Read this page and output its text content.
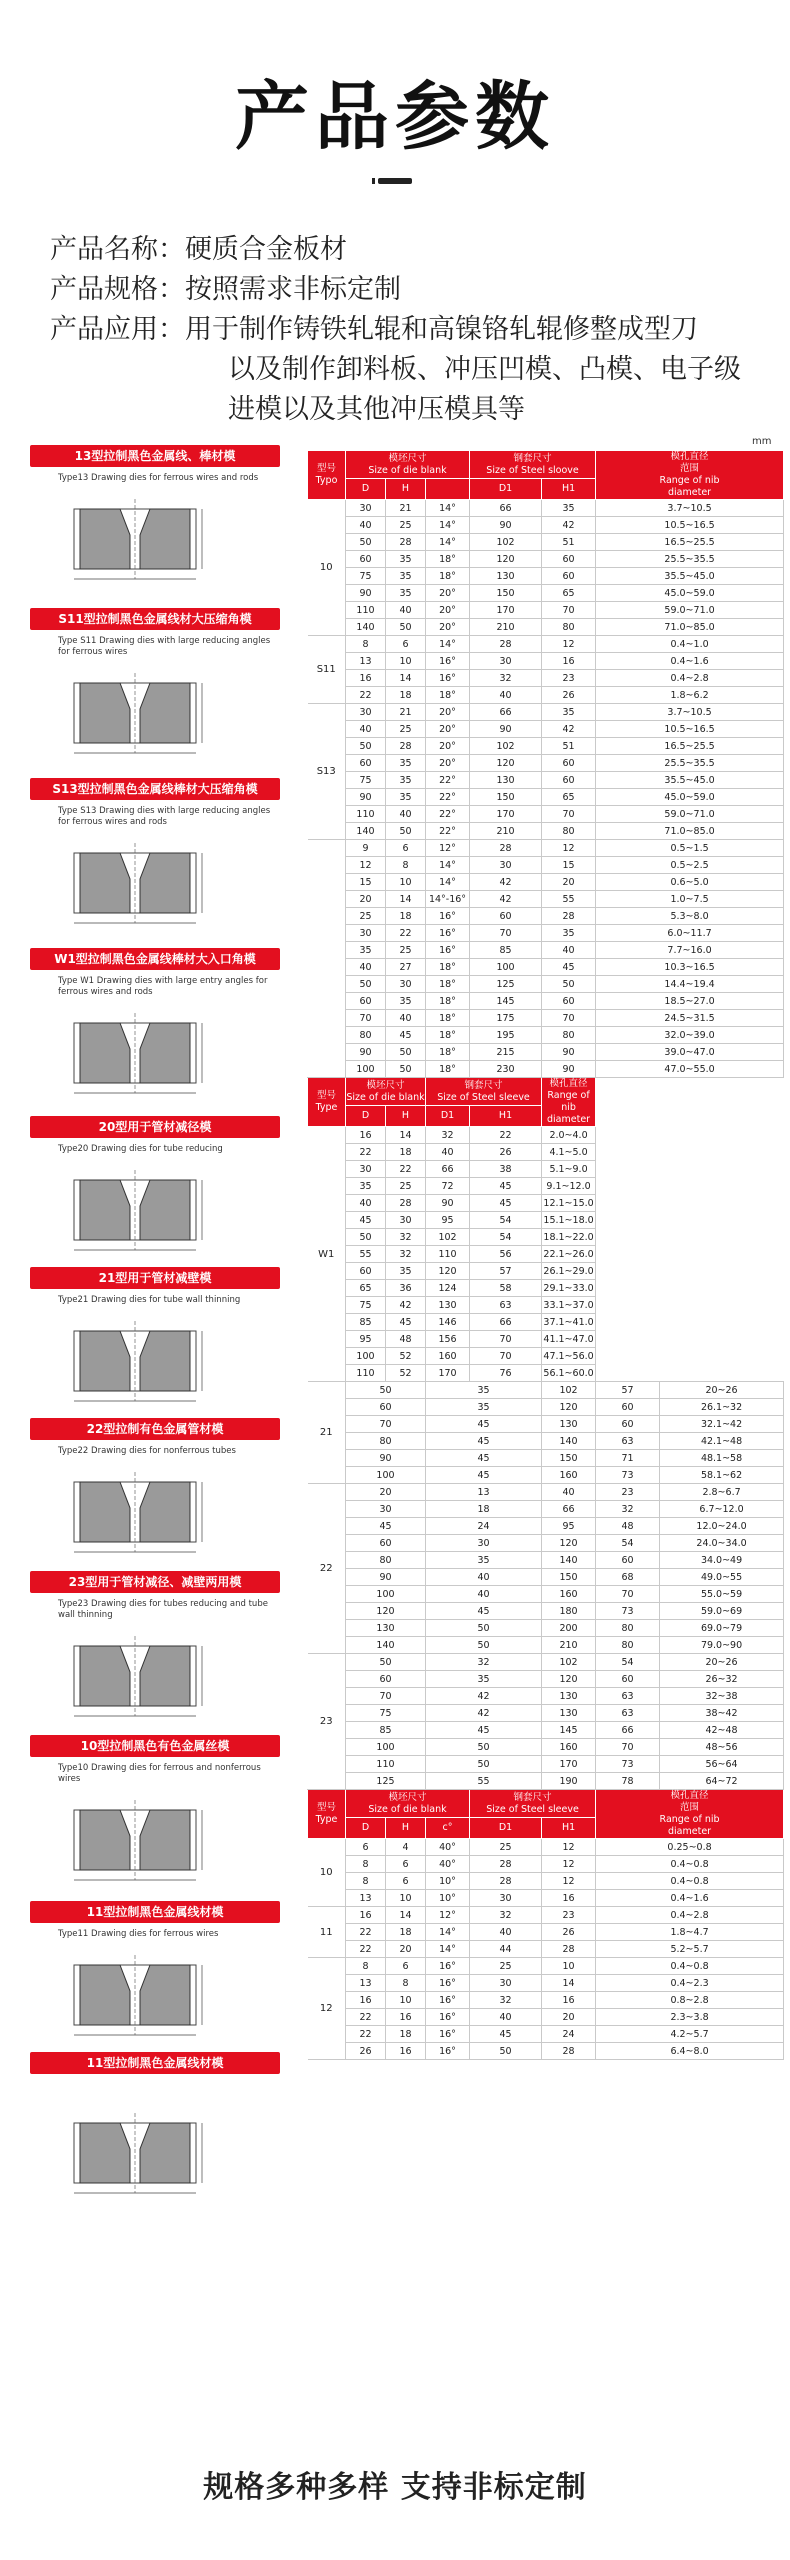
产品参数
产品名称： 硬质合金板材
产品规格： 按照需求非标定制
产品应用： 用于制作铸铁轧辊和高镍铬轧辊修整成型刀
以及制作卸料板、冲压凹模、凸模、电子级
进模以及其他冲压模具等
mm
13型拉制黑色金属线、棒材模
Type13 Drawing dies for ferrous wires and rods
S11型拉制黑色金属线材大压缩角模
Type S11 Drawing dies with large reducing angles for ferrous wires
S13型拉制黑色金属线棒材大压缩角模
Type S13 Drawing dies with large reducing angles for ferrous wires and rods
W1型拉制黑色金属线棒材大入口角模
Type W1 Drawing dies with large entry angles for ferrous wires and rods
20型用于管材减径模
Type20 Drawing dies for tube reducing
21型用于管材减壁模
Type21 Drawing dies for tube wall thinning
22型拉制有色金属管材模
Type22 Drawing dies for nonferrous tubes
23型用于管材减径、减壁两用模
Type23 Drawing dies for tubes reducing and tube wall thinning
10型拉制黑色有色金属丝模
Type10 Drawing dies for ferrous and nonferrous wires
11型拉制黑色金属线材模
Type11 Drawing dies for ferrous wires
11型拉制黑色金属线材模
型号
Typo	模坯尺寸
Size of die blank			钢套尺寸
Size of Steel sloove		模孔直径
范围
Range of nib
diameter		
	D	H		D1	H1			
10	30	21	14°	66	35	3.7~10.5		
	40	25	14°	90	42	10.5~16.5		
	50	28	14°	102	51	16.5~25.5		
	60	35	18°	120	60	25.5~35.5		
	75	35	18°	130	60	35.5~45.0		
	90	35	20°	150	65	45.0~59.0		
	110	40	20°	170	70	59.0~71.0		
	140	50	20°	210	80	71.0~85.0		
S11	8	6	14°	28	12	0.4~1.0		
	13	10	16°	30	16	0.4~1.6		
	16	14	16°	32	23	0.4~2.8		
	22	18	18°	40	26	1.8~6.2		
S13	30	21	20°	66	35	3.7~10.5		
	40	25	20°	90	42	10.5~16.5		
	50	28	20°	102	51	16.5~25.5		
	60	35	20°	120	60	25.5~35.5		
	75	35	22°	130	60	35.5~45.0		
	90	35	22°	150	65	45.0~59.0		
	110	40	22°	170	70	59.0~71.0		
	140	50	22°	210	80	71.0~85.0		
	9	6	12°	28	12	0.5~1.5		
	12	8	14°	30	15	0.5~2.5		
	15	10	14°	42	20	0.6~5.0		
	20	14	14°-16°	42	55	1.0~7.5		
	25	18	16°	60	28	5.3~8.0		
	30	22	16°	70	35	6.0~11.7		
	35	25	16°	85	40	7.7~16.0		
	40	27	18°	100	45	10.3~16.5		
	50	30	18°	125	50	14.4~19.4		
	60	35	18°	145	60	18.5~27.0		
	70	40	18°	175	70	24.5~31.5		
	80	45	18°	195	80	32.0~39.0		
	90	50	18°	215	90	39.0~47.0		
	100	50	18°	230	90	47.0~55.0		
型号
Type	模坯尺寸
Size of die blank		钢套尺寸
Size of Steel sleeve		模孔直径
Range of nib
diameter			
	D	H	D1	H1				
W1	16	14	32	22	2.0~4.0			
	22	18	40	26	4.1~5.0			
	30	22	66	38	5.1~9.0			
	35	25	72	45	9.1~12.0			
	40	28	90	45	12.1~15.0			
	45	30	95	54	15.1~18.0			
	50	32	102	54	18.1~22.0			
	55	32	110	56	22.1~26.0			
	60	35	120	57	26.1~29.0			
	65	36	124	58	29.1~33.0			
	75	42	130	63	33.1~37.0			
	85	45	146	66	37.1~41.0			
	95	48	156	70	41.1~47.0			
	100	52	160	70	47.1~56.0			
	110	52	170	76	56.1~60.0			
21	50		35		102	57	20~26	
	60		35		120	60	26.1~32	
	70		45		130	60	32.1~42	
	80		45		140	63	42.1~48	
	90		45		150	71	48.1~58	
	100		45		160	73	58.1~62	
22	20		13		40	23	2.8~6.7	
	30		18		66	32	6.7~12.0	
	45		24		95	48	12.0~24.0	
	60		30		120	54	24.0~34.0	
	80		35		140	60	34.0~49	
	90		40		150	68	49.0~55	
	100		40		160	70	55.0~59	
	120		45		180	73	59.0~69	
	130		50		200	80	69.0~79	
	140		50		210	80	79.0~90	
23	50		32		102	54	20~26	
	60		35		120	60	26~32	
	70		42		130	63	32~38	
	75		42		130	63	38~42	
	85		45		145	66	42~48	
	100		50		160	70	48~56	
	110		50		170	73	56~64	
	125		55		190	78	64~72	
型号
Type	模坯尺寸
Size of die blank			钢套尺寸
Size of Steel sleeve		模孔直径
范围
Range of nib
diameter		
	D	H	c°	D1	H1			
10	6	4	40°	25	12	0.25~0.8		
	8	6	40°	28	12	0.4~0.8		
	8	6	10°	28	12	0.4~0.8		
	13	10	10°	30	16	0.4~1.6		
11	16	14	12°	32	23	0.4~2.8		
	22	18	14°	40	26	1.8~4.7		
	22	20	14°	44	28	5.2~5.7		
12	8	6	16°	25	10	0.4~0.8		
	13	8	16°	30	14	0.4~2.3		
	16	10	16°	32	16	0.8~2.8		
	22	16	16°	40	20	2.3~3.8		
	22	18	16°	45	24	4.2~5.7		
	26	16	16°	50	28	6.4~8.0		
规格多种多样 支持非标定制
